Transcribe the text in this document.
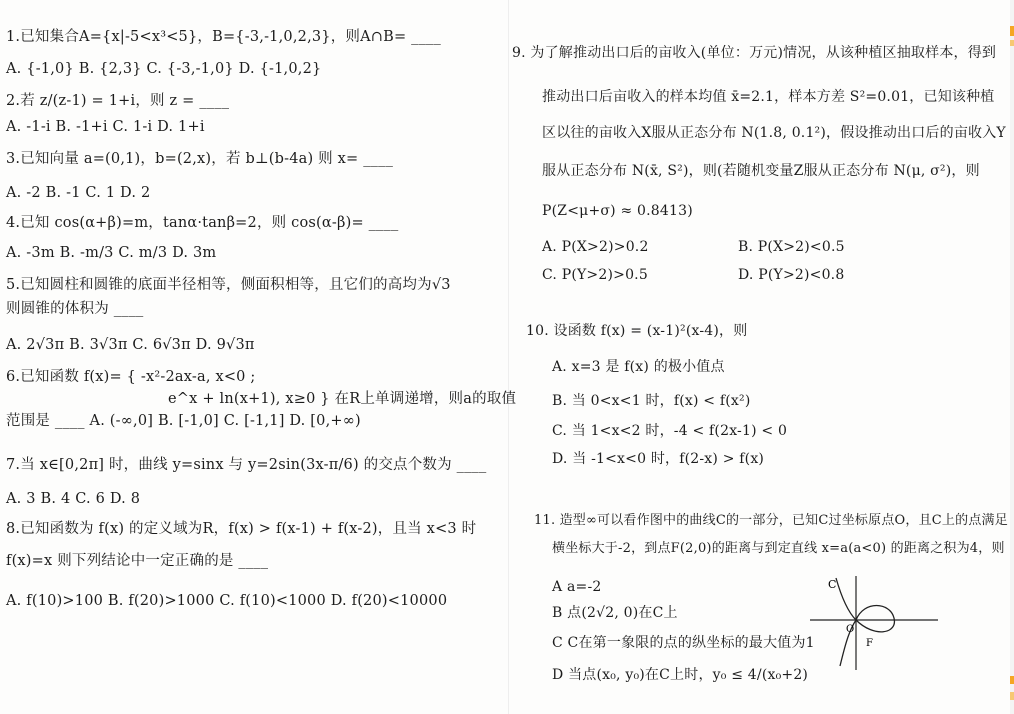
1.已知集合A={x|-5<x³<5}，B={-3,-1,0,2,3}，则A∩B= ____
A. {-1,0} B. {2,3} C. {-3,-1,0} D. {-1,0,2}
2.若 z/(z-1) = 1+i，则 z = ____
A. -1-i B. -1+i C. 1-i D. 1+i
3.已知向量 a=(0,1)，b=(2,x)，若 b⊥(b-4a) 则 x= ____
A. -2 B. -1 C. 1 D. 2
4.已知 cos(α+β)=m，tanα·tanβ=2，则 cos(α-β)= ____
A. -3m B. -m/3 C. m/3 D. 3m
5.已知圆柱和圆锥的底面半径相等，侧面积相等，且它们的高均为√3
则圆锥的体积为 ____
A. 2√3π B. 3√3π C. 6√3π D. 9√3π
6.已知函数 f(x)= { -x²-2ax-a, x<0 ;
e^x + ln(x+1), x≥0 } 在R上单调递增，则a的取值
范围是 ____ A. (-∞,0] B. [-1,0] C. [-1,1] D. [0,+∞)
7.当 x∈[0,2π] 时，曲线 y=sinx 与 y=2sin(3x-π/6) 的交点个数为 ____
A. 3 B. 4 C. 6 D. 8
8.已知函数为 f(x) 的定义域为R，f(x) > f(x-1) + f(x-2)，且当 x<3 时
f(x)=x 则下列结论中一定正确的是 ____
A. f(10)>100 B. f(20)>1000 C. f(10)<1000 D. f(20)<10000
9. 为了解推动出口后的亩收入(单位：万元)情况，从该种植区抽取样本，得到
推动出口后亩收入的样本均值 x̄=2.1，样本方差 S²=0.01，已知该种植
区以往的亩收入X服从正态分布 N(1.8, 0.1²)，假设推动出口后的亩收入Y
服从正态分布 N(x̄, S²)，则(若随机变量Z服从正态分布 N(μ, σ²)，则
P(Z<μ+σ) ≈ 0.8413)
A. P(X>2)>0.2	B. P(X>2)<0.5
C. P(Y>2)>0.5	D. P(Y>2)<0.8
10. 设函数 f(x) = (x-1)²(x-4)，则
A. x=3 是 f(x) 的极小值点
B. 当 0<x<1 时，f(x) < f(x²)
C. 当 1<x<2 时，-4 < f(2x-1) < 0
D. 当 -1<x<0 时，f(2-x) > f(x)
11. 造型∞可以看作图中的曲线C的一部分，已知C过坐标原点O，且C上的点满足
横坐标大于-2，到点F(2,0)的距离与到定直线 x=a(a<0) 的距离之积为4，则
A a=-2
B 点(2√2, 0)在C上
C C在第一象限的点的纵坐标的最大值为1
D 当点(x₀, y₀)在C上时，y₀ ≤ 4/(x₀+2)
C
O
F
